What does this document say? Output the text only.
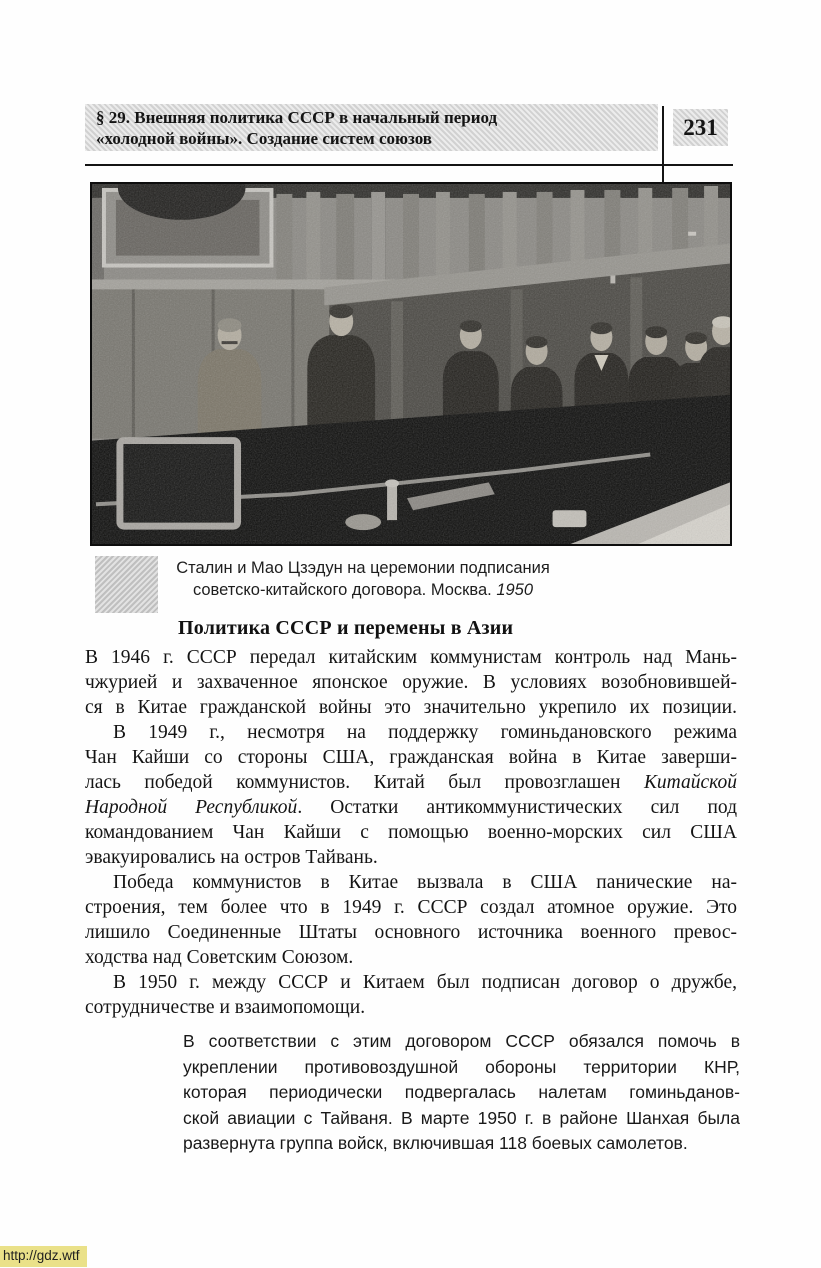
§ 29. Внешняя политика СССР в начальный период
«холодной войны». Создание систем союзов	231
Сталин и Мао Цзэдун на церемонии подписания
советско-китайского договора. Москва. 1950
Политика СССР и перемены в Азии
В 1946 г. СССР передал китайским коммунистам контроль над Мань-
чжурией и захваченное японское оружие. В условиях возобновившей-
ся в Китае гражданской войны это значительно укрепило их позиции.
В 1949 г., несмотря на поддержку гоминьдановского режима
Чан Кайши со стороны США, гражданская война в Китае заверши-
лась победой коммунистов. Китай был провозглашен Китайской
Народной Республикой. Остатки антикоммунистических сил под
командованием Чан Кайши с помощью военно-морских сил США
эвакуировались на остров Тайвань.
Победа коммунистов в Китае вызвала в США панические на-
строения, тем более что в 1949 г. СССР создал атомное оружие. Это
лишило Соединенные Штаты основного источника военного превос-
ходства над Советским Союзом.
В 1950 г. между СССР и Китаем был подписан договор о дружбе,
сотрудничестве и взаимопомощи.
В соответствии с этим договором СССР обязался помочь в
укреплении противовоздушной обороны территории КНР,
которая периодически подвергалась налетам гоминьданов-
ской авиации с Тайваня. В марте 1950 г. в районе Шанхая была
развернута группа войск, включившая 118 боевых самолетов.
http://gdz.wtf
